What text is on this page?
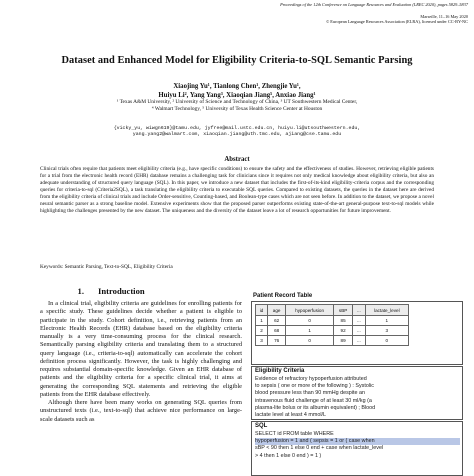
Proceedings of the 12th Conference on Language Resources and Evaluation (LREC 2020), pages 5829–5837
Marseille, 11–16 May 2020
© European Language Resources Association (ELRA), licensed under CC-BY-NC
Dataset and Enhanced Model for Eligibility Criteria-to-SQL Semantic Parsing
Xiaojing Yu¹, Tianlong Chen¹, Zhengjie Yu¹,
Huiyu Li², Yang Yang³, Xiaoqian Jiang⁵, Anxiao Jiang¹
¹ Texas A&M University, ² University of Science and Technology of China, ³ UT Southwestern Medical Center,
⁴ Walmart Technology, ⁵ University of Texas Health Science Center at Houston
{vicky_yu, wiwgn619}@tamu.edu, jyfree@mail.ustc.edu.cn, huiyu.li@utsouthwestern.edu,
yang.yang2@walmart.com, xiaoqian.jiang@uth.tmc.edu, ajiang@cse.tamu.edu
Abstract
Clinical trials often require that patients meet eligibility criteria (e.g., have specific conditions) to ensure the safety and the effectiveness of studies. However, retrieving eligible patients for a trial from the electronic health record (EHR) database remains a challenging task for clinicians since it requires not only medical knowledge about eligibility criteria, but also an adequate understanding of structured query language (SQL). In this paper, we introduce a new dataset that includes the first-of-its-kind eligibility-criteria corpus and the corresponding queries for criteria-to-sql (Criteria2SQL), a task translating the eligibility criteria to executable SQL queries. Compared to existing datasets, the queries in the dataset here are derived from the eligibility criteria of clinical trials and include Order-sensitive, Counting-based, and Boolean-type cases which are not seen before. In addition to the dataset, we propose a novel neural semantic parser as a strong baseline model. Extensive experiments show that the proposed parser outperforms existing state-of-the-art general-purpose text-to-sql models while highlighting the challenges presented by the new dataset. The uniqueness and the diversity of the dataset leave a lot of research opportunities for future improvement.
Keywords: Semantic Parsing, Text-to-SQL, Eligibility Criteria
1. Introduction

In a clinical trial, eligibility criteria are guidelines for enrolling patients for a specific study. These guidelines decide whether a patient is eligible to participate in the study. Cohort definition, i.e., retrieving patients from an Electronic Health Records (EHR) database based on the eligibility criteria manually is a very time-consuming process for the clinical research. Semantically parsing eligibility criteria and translating them to a structured query language (i.e., criteria-to-sql) automatically can accelerate the cohort definition process significantly. However, the task is highly challenging and requires substantial domain-specific knowledge. Given an EHR database of patients and the eligibility criteria for a specific clinical trial, it aims at generating the corresponding SQL statements and retrieving the eligible patients from the EHR database effectively.

Although there have been many works on generating SQL queries from unstructured texts (i.e., text-to-sql) that achieve nice performance on large-scale datasets such as

Patient Record Table
id	age	hypoperfusion	sBP	...	lactate_level
1	62	0	85	...	1
2	68	1	92	...	3
3	76	0	89	...	0
Eligibility Criteria
Evidence of refractory hypoperfusion attributed
to sepsis ( one or more of the following ) : Systolic
blood pressure less than 90 mmHg despite an
intravenous fluid challenge of at least 30 ml/kg (a
plasma-lite bolus or its albumin equivalent) ; Blood
lactate level at least 4 mmol/L
SQL
SELECT id FROM table WHERE
hypoperfusion = 1 and ( sepsis = 1 or ( case when
sBP < 90 then 1 else 0 end + case when lactate_level
> 4 then 1 else 0 end ) = 1 )
